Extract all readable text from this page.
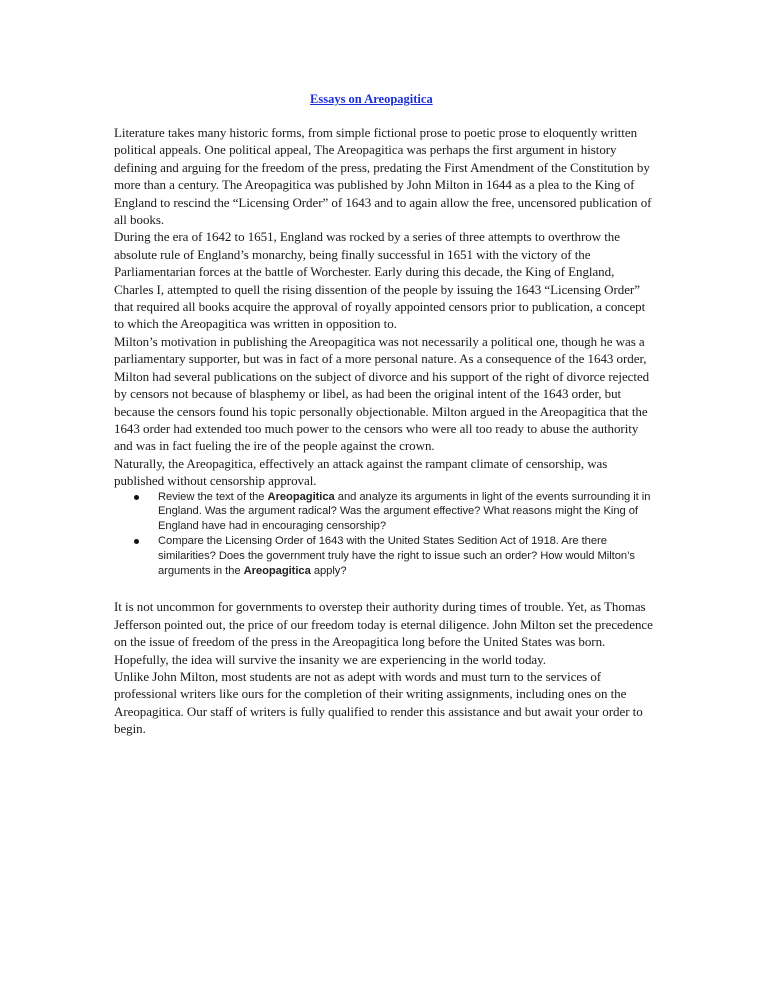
Essays on Areopagitica

Literature takes many historic forms, from simple fictional prose to poetic prose to eloquently written political appeals. One political appeal, The Areopagitica was perhaps the first argument in history defining and arguing for the freedom of the press, predating the First Amendment of the Constitution by more than a century. The Areopagitica was published by John Milton in 1644 as a plea to the King of England to rescind the “Licensing Order” of 1643 and to again allow the free, uncensored publication of all books.

During the era of 1642 to 1651, England was rocked by a series of three attempts to overthrow the absolute rule of England’s monarchy, being finally successful in 1651 with the victory of the Parliamentarian forces at the battle of Worchester. Early during this decade, the King of England, Charles I, attempted to quell the rising dissention of the people by issuing the 1643 “Licensing Order” that required all books acquire the approval of royally appointed censors prior to publication, a concept to which the Areopagitica was written in opposition to.

Milton’s motivation in publishing the Areopagitica was not necessarily a political one, though he was a parliamentary supporter, but was in fact of a more personal nature. As a consequence of the 1643 order, Milton had several publications on the subject of divorce and his support of the right of divorce rejected by censors not because of blasphemy or libel, as had been the original intent of the 1643 order, but because the censors found his topic personally objectionable. Milton argued in the Areopagitica that the 1643 order had extended too much power to the censors who were all too ready to abuse the authority and was in fact fueling the ire of the people against the crown.

Naturally, the Areopagitica, effectively an attack against the rampant climate of censorship, was published without censorship approval.

Review the text of the Areopagitica and analyze its arguments in light of the events surrounding it in England. Was the argument radical? Was the argument effective? What reasons might the King of England have had in encouraging censorship?
Compare the Licensing Order of 1643 with the United States Sedition Act of 1918. Are there similarities? Does the government truly have the right to issue such an order? How would Milton’s arguments in the Areopagitica apply?

It is not uncommon for governments to overstep their authority during times of trouble. Yet, as Thomas Jefferson pointed out, the price of our freedom today is eternal diligence. John Milton set the precedence on the issue of freedom of the press in the Areopagitica long before the United States was born. Hopefully, the idea will survive the insanity we are experiencing in the world today.

Unlike John Milton, most students are not as adept with words and must turn to the services of professional writers like ours for the completion of their writing assignments, including ones on the Areopagitica. Our staff of writers is fully qualified to render this assistance and but await your order to begin.
